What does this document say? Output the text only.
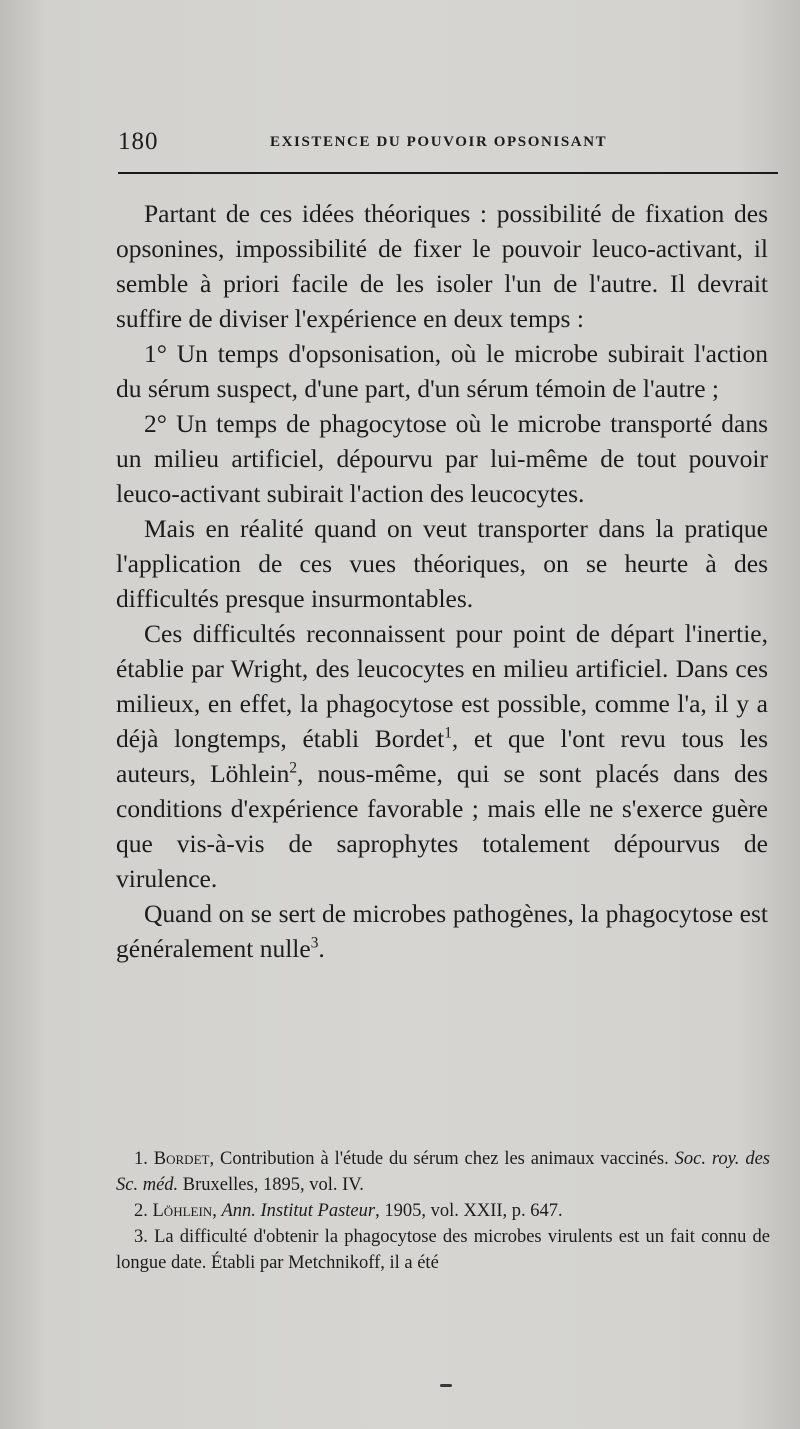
180	EXISTENCE DU POUVOIR OPSONISANT

Partant de ces idées théoriques : possibilité de fixation des opsonines, impossibilité de fixer le pouvoir leuco-activant, il semble à priori facile de les isoler l'un de l'autre. Il devrait suffire de diviser l'expérience en deux temps :

1° Un temps d'opsonisation, où le microbe subirait l'action du sérum suspect, d'une part, d'un sérum témoin de l'autre ;

2° Un temps de phagocytose où le microbe transporté dans un milieu artificiel, dépourvu par lui-même de tout pouvoir leuco-activant subirait l'action des leucocytes.

Mais en réalité quand on veut transporter dans la pratique l'application de ces vues théoriques, on se heurte à des difficultés presque insurmontables.

Ces difficultés reconnaissent pour point de départ l'inertie, établie par Wright, des leucocytes en milieu artificiel. Dans ces milieux, en effet, la phagocytose est possible, comme l'a, il y a déjà longtemps, établi Bordet$^1$, et que l'ont revu tous les auteurs, Löhlein$^2$, nous-même, qui se sont placés dans des conditions d'expérience favorable ; mais elle ne s'exerce guère que vis-à-vis de saprophytes totalement dépourvus de virulence.

Quand on se sert de microbes pathogènes, la phagocytose est généralement nulle$^3$.

1. Bordet, Contribution à l'étude du sérum chez les animaux vaccinés. Soc. roy. des Sc. méd. Bruxelles, 1895, vol. IV.

2. Löhlein, Ann. Institut Pasteur, 1905, vol. XXII, p. 647.

3. La difficulté d'obtenir la phagocytose des microbes virulents est un fait connu de longue date. Établi par Metchnikoff, il a été
